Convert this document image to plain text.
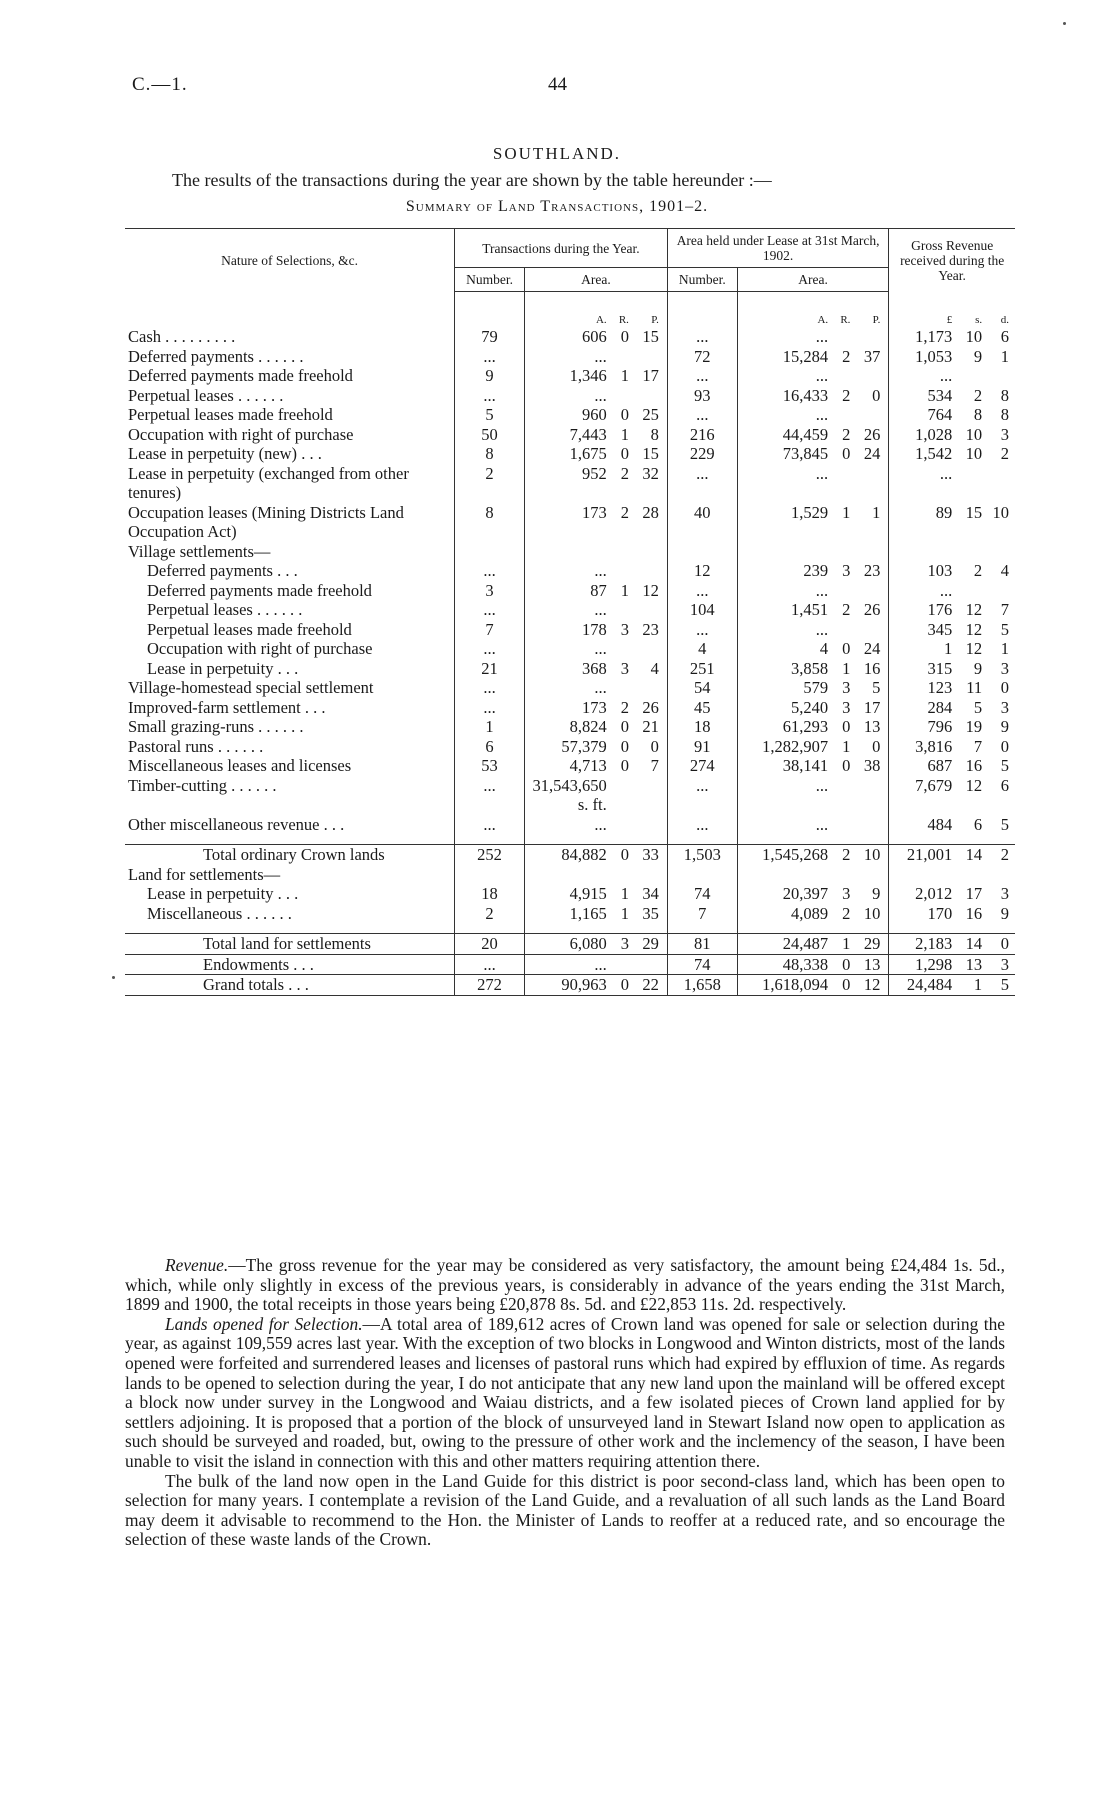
C.—1.	44
SOUTHLAND.
The results of the transactions during the year are shown by the table hereunder :—
Summary of Land Transactions, 1901–2.
Nature of Selections, &c.	Transactions during the Year.				Area held under Lease at 31st March, 1902.				Gross Revenue received during the Year.		
	Number.	Area.			Number.	Area.					
		A.	R.	P.		A.	R.	P.	£	s.	d.
Cash . . . . . . . . .	79	606	0	15	...	...			1,173	10	6
Deferred payments . . . . . .	...	...			72	15,284	2	37	1,053	9	1
Deferred payments made freehold	9	1,346	1	17	...	...			...		
Perpetual leases . . . . . .	...	...			93	16,433	2	0	534	2	8
Perpetual leases made freehold	5	960	0	25	...	...			764	8	8
Occupation with right of purchase	50	7,443	1	8	216	44,459	2	26	1,028	10	3
Lease in perpetuity (new) . . .	8	1,675	0	15	229	73,845	0	24	1,542	10	2
Lease in perpetuity (exchanged from other tenures)	2	952	2	32	...	...			...		
Occupation leases (Mining Districts Land Occupation Act)	8	173	2	28	40	1,529	1	1	89	15	10
Village settlements—											
Deferred payments . . .	...	...			12	239	3	23	103	2	4
Deferred payments made freehold	3	87	1	12	...	...			...		
Perpetual leases . . . . . .	...	...			104	1,451	2	26	176	12	7
Perpetual leases made freehold	7	178	3	23	...	...			345	12	5
Occupation with right of purchase	...	...			4	4	0	24	1	12	1
Lease in perpetuity . . .	21	368	3	4	251	3,858	1	16	315	9	3
Village-homestead special settlement	...	...			54	579	3	5	123	11	0
Improved-farm settlement . . .	...	173	2	26	45	5,240	3	17	284	5	3
Small grazing-runs . . . . . .	1	8,824	0	21	18	61,293	0	13	796	19	9
Pastoral runs . . . . . .	6	57,379	0	0	91	1,282,907	1	0	3,816	7	0
Miscellaneous leases and licenses	53	4,713	0	7	274	38,141	0	38	687	16	5
Timber-cutting . . . . . .	...	31,543,650 s. ft.			...	...			7,679	12	6
Other miscellaneous revenue . . .	...	...			...	...			484	6	5

Total ordinary Crown lands	252	84,882	0	33	1,503	1,545,268	2	10	21,001	14	2
Land for settlements—											
Lease in perpetuity . . .	18	4,915	1	34	74	20,397	3	9	2,012	17	3
Miscellaneous . . . . . .	2	1,165	1	35	7	4,089	2	10	170	16	9

Total land for settlements	20	6,080	3	29	81	24,487	1	29	2,183	14	0
Endowments . . .	...	...			74	48,338	0	13	1,298	13	3
Grand totals . . .	272	90,963	0	22	1,658	1,618,094	0	12	24,484	1	5

Revenue.—The gross revenue for the year may be considered as very satisfactory, the amount being £24,484 1s. 5d., which, while only slightly in excess of the previous years, is considerably in advance of the years ending the 31st March, 1899 and 1900, the total receipts in those years being £20,878 8s. 5d. and £22,853 11s. 2d. respectively.

Lands opened for Selection.—A total area of 189,612 acres of Crown land was opened for sale or selection during the year, as against 109,559 acres last year. With the exception of two blocks in Longwood and Winton districts, most of the lands opened were forfeited and surrendered leases and licenses of pastoral runs which had expired by effluxion of time. As regards lands to be opened to selection during the year, I do not anticipate that any new land upon the mainland will be offered except a block now under survey in the Longwood and Waiau districts, and a few isolated pieces of Crown land applied for by settlers adjoining. It is proposed that a portion of the block of unsurveyed land in Stewart Island now open to application as such should be surveyed and roaded, but, owing to the pressure of other work and the inclemency of the season, I have been unable to visit the island in connection with this and other matters requiring attention there.

The bulk of the land now open in the Land Guide for this district is poor second-class land, which has been open to selection for many years. I contemplate a revision of the Land Guide, and a revaluation of all such lands as the Land Board may deem it advisable to recommend to the Hon. the Minister of Lands to reoffer at a reduced rate, and so encourage the selection of these waste lands of the Crown.
